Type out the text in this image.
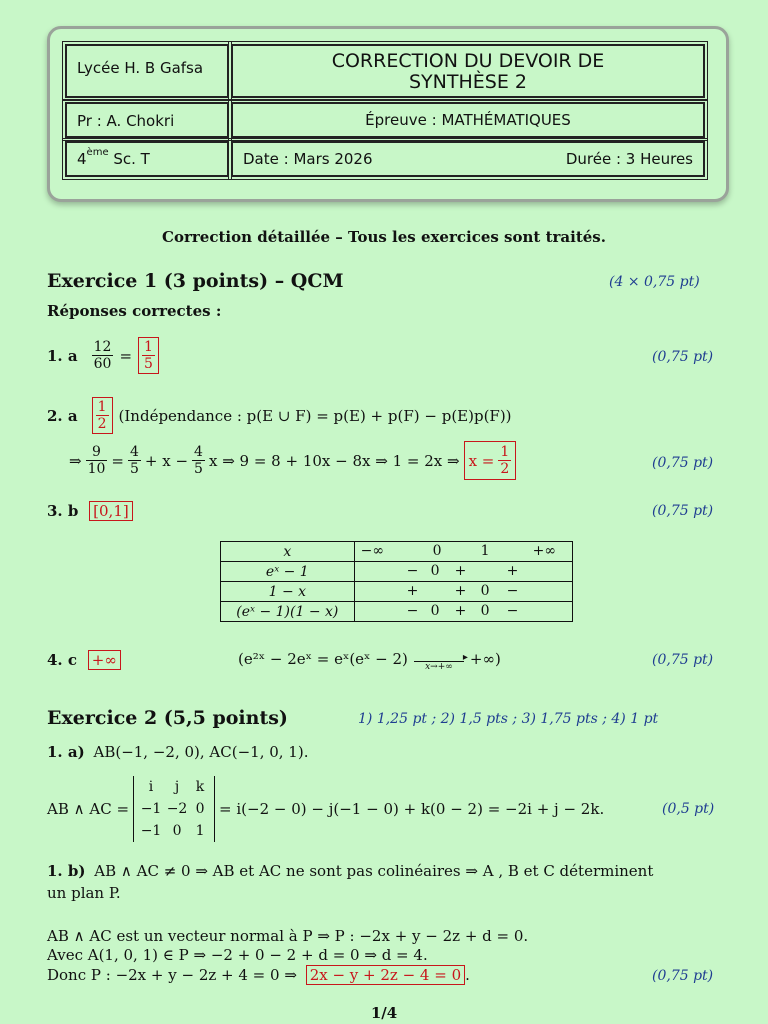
Lycée H. B Gafsa	CORRECTION DU DEVOIR DE
SYNTHÈSE 2
Pr : A. Chokri	Épreuve : MATHÉMATIQUES
4ème Sc. T	Date : Mars 2026	Durée : 3 Heures
Correction détaillée – Tous les exercices sont traités.
Exercice 1 (3 points) – QCM	(4 × 0,75 pt)
Réponses correctes :
1. a $\frac{12}{60} = \frac{1}{5}$	(0,75 pt)
2. a $\frac{1}{2}$ (Indépendance : p(E ∪ F) = p(E) + p(F) − p(E)p(F))
⇒ $\frac{9}{10} = \frac{4}{5} + x - \frac{4}{5}$ x ⇒ 9 = 8 + 10x − 8x ⇒ 1 = 2x ⇒ $x = \frac{1}{2}$	(0,75 pt)
3. b [0,1]	(0,75 pt)
x	−∞ 0 1 +∞

eˣ − 1	− 0 + +

1 − x	+ + 0 −

(eˣ − 1)(1 − x)	− 0 + 0 −
4. c +∞	(e²ˣ − 2eˣ = eˣ(eˣ − 2)	▸
x→+∞	+∞)	(0,75 pt)
Exercice 2 (5,5 points)	1) 1,25 pt ; 2) 1,5 pts ; 3) 1,75 pts ; 4) 1 pt
1. a) AB(−1, −2, 0), AC(−1, 0, 1).
AB ∧ AC =
i	j	k
−1	−2	0
−1	0	1
= i(−2 − 0) − j(−1 − 0) + k(0 − 2) = −2i + j − 2k.	(0,5 pt)
1. b) AB ∧ AC ≠ 0 ⇒ AB et AC ne sont pas colinéaires ⇒ A , B et C déterminent
un plan P.
AB ∧ AC est un vecteur normal à P ⇒ P : −2x + y − 2z + d = 0.
Avec A(1, 0, 1) ∈ P ⇒ −2 + 0 − 2 + d = 0 ⇒ d = 4.
Donc P : −2x + y − 2z + 4 = 0 ⇒ 2x − y + 2z − 4 = 0 .	(0,75 pt)
1/4
